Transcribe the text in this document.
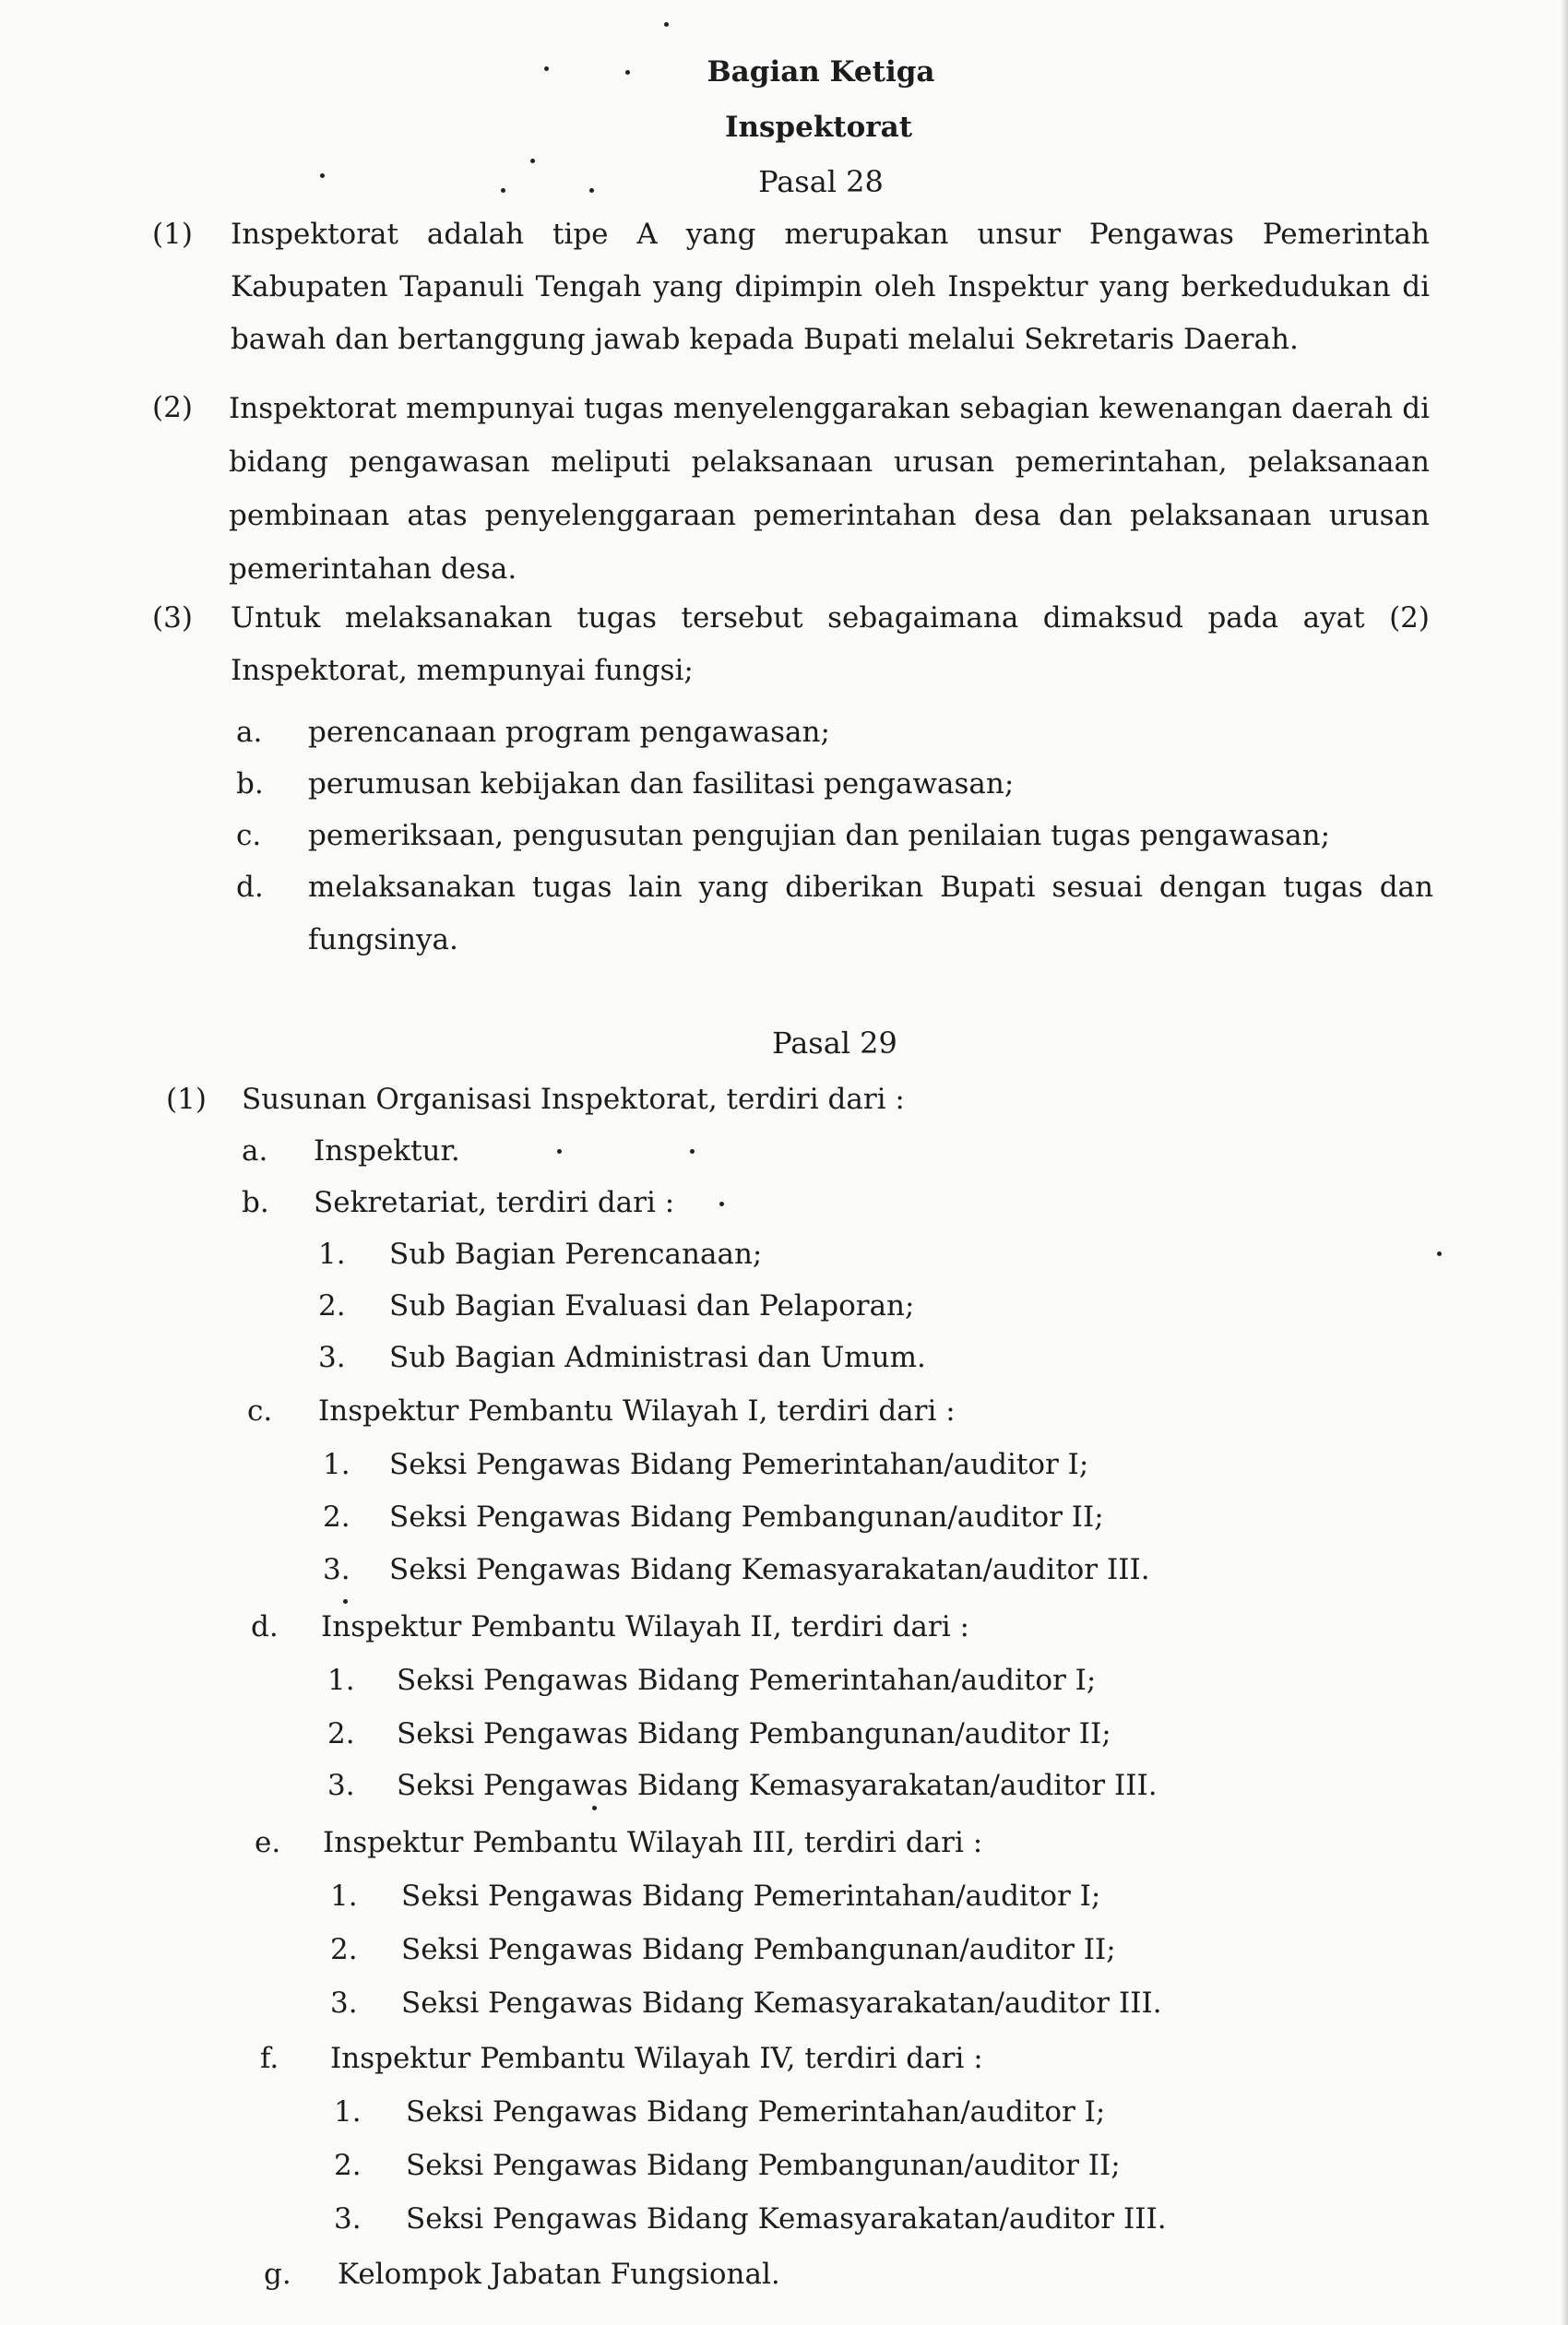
Bagian Ketiga
Inspektorat
Pasal 28
(1) Inspektorat adalah tipe A yang merupakan unsur Pengawas Pemerintah Kabupaten Tapanuli Tengah yang dipimpin oleh Inspektur yang berkedudukan di bawah dan bertanggung jawab kepada Bupati melalui Sekretaris Daerah.
(2) Inspektorat mempunyai tugas menyelenggarakan sebagian kewenangan daerah di bidang pengawasan meliputi pelaksanaan urusan pemerintahan, pelaksanaan pembinaan atas penyelenggaraan pemerintahan desa dan pelaksanaan urusan pemerintahan desa.
(3) Untuk melaksanakan tugas tersebut sebagaimana dimaksud pada ayat (2) Inspektorat, mempunyai fungsi;
a. perencanaan program pengawasan;
b. perumusan kebijakan dan fasilitasi pengawasan;
c. pemeriksaan, pengusutan pengujian dan penilaian tugas pengawasan;
d. melaksanakan tugas lain yang diberikan Bupati sesuai dengan tugas dan fungsinya.
Pasal 29
(1) Susunan Organisasi Inspektorat, terdiri dari :
a. Inspektur.
b. Sekretariat, terdiri dari :
1. Sub Bagian Perencanaan;
2. Sub Bagian Evaluasi dan Pelaporan;
3. Sub Bagian Administrasi dan Umum.
c. Inspektur Pembantu Wilayah I, terdiri dari :
1. Seksi Pengawas Bidang Pemerintahan/auditor I;
2. Seksi Pengawas Bidang Pembangunan/auditor II;
3. Seksi Pengawas Bidang Kemasyarakatan/auditor III.
d. Inspektur Pembantu Wilayah II, terdiri dari :
1. Seksi Pengawas Bidang Pemerintahan/auditor I;
2. Seksi Pengawas Bidang Pembangunan/auditor II;
3. Seksi Pengawas Bidang Kemasyarakatan/auditor III.
e. Inspektur Pembantu Wilayah III, terdiri dari :
1. Seksi Pengawas Bidang Pemerintahan/auditor I;
2. Seksi Pengawas Bidang Pembangunan/auditor II;
3. Seksi Pengawas Bidang Kemasyarakatan/auditor III.
f. Inspektur Pembantu Wilayah IV, terdiri dari :
1. Seksi Pengawas Bidang Pemerintahan/auditor I;
2. Seksi Pengawas Bidang Pembangunan/auditor II;
3. Seksi Pengawas Bidang Kemasyarakatan/auditor III.
g. Kelompok Jabatan Fungsional.
